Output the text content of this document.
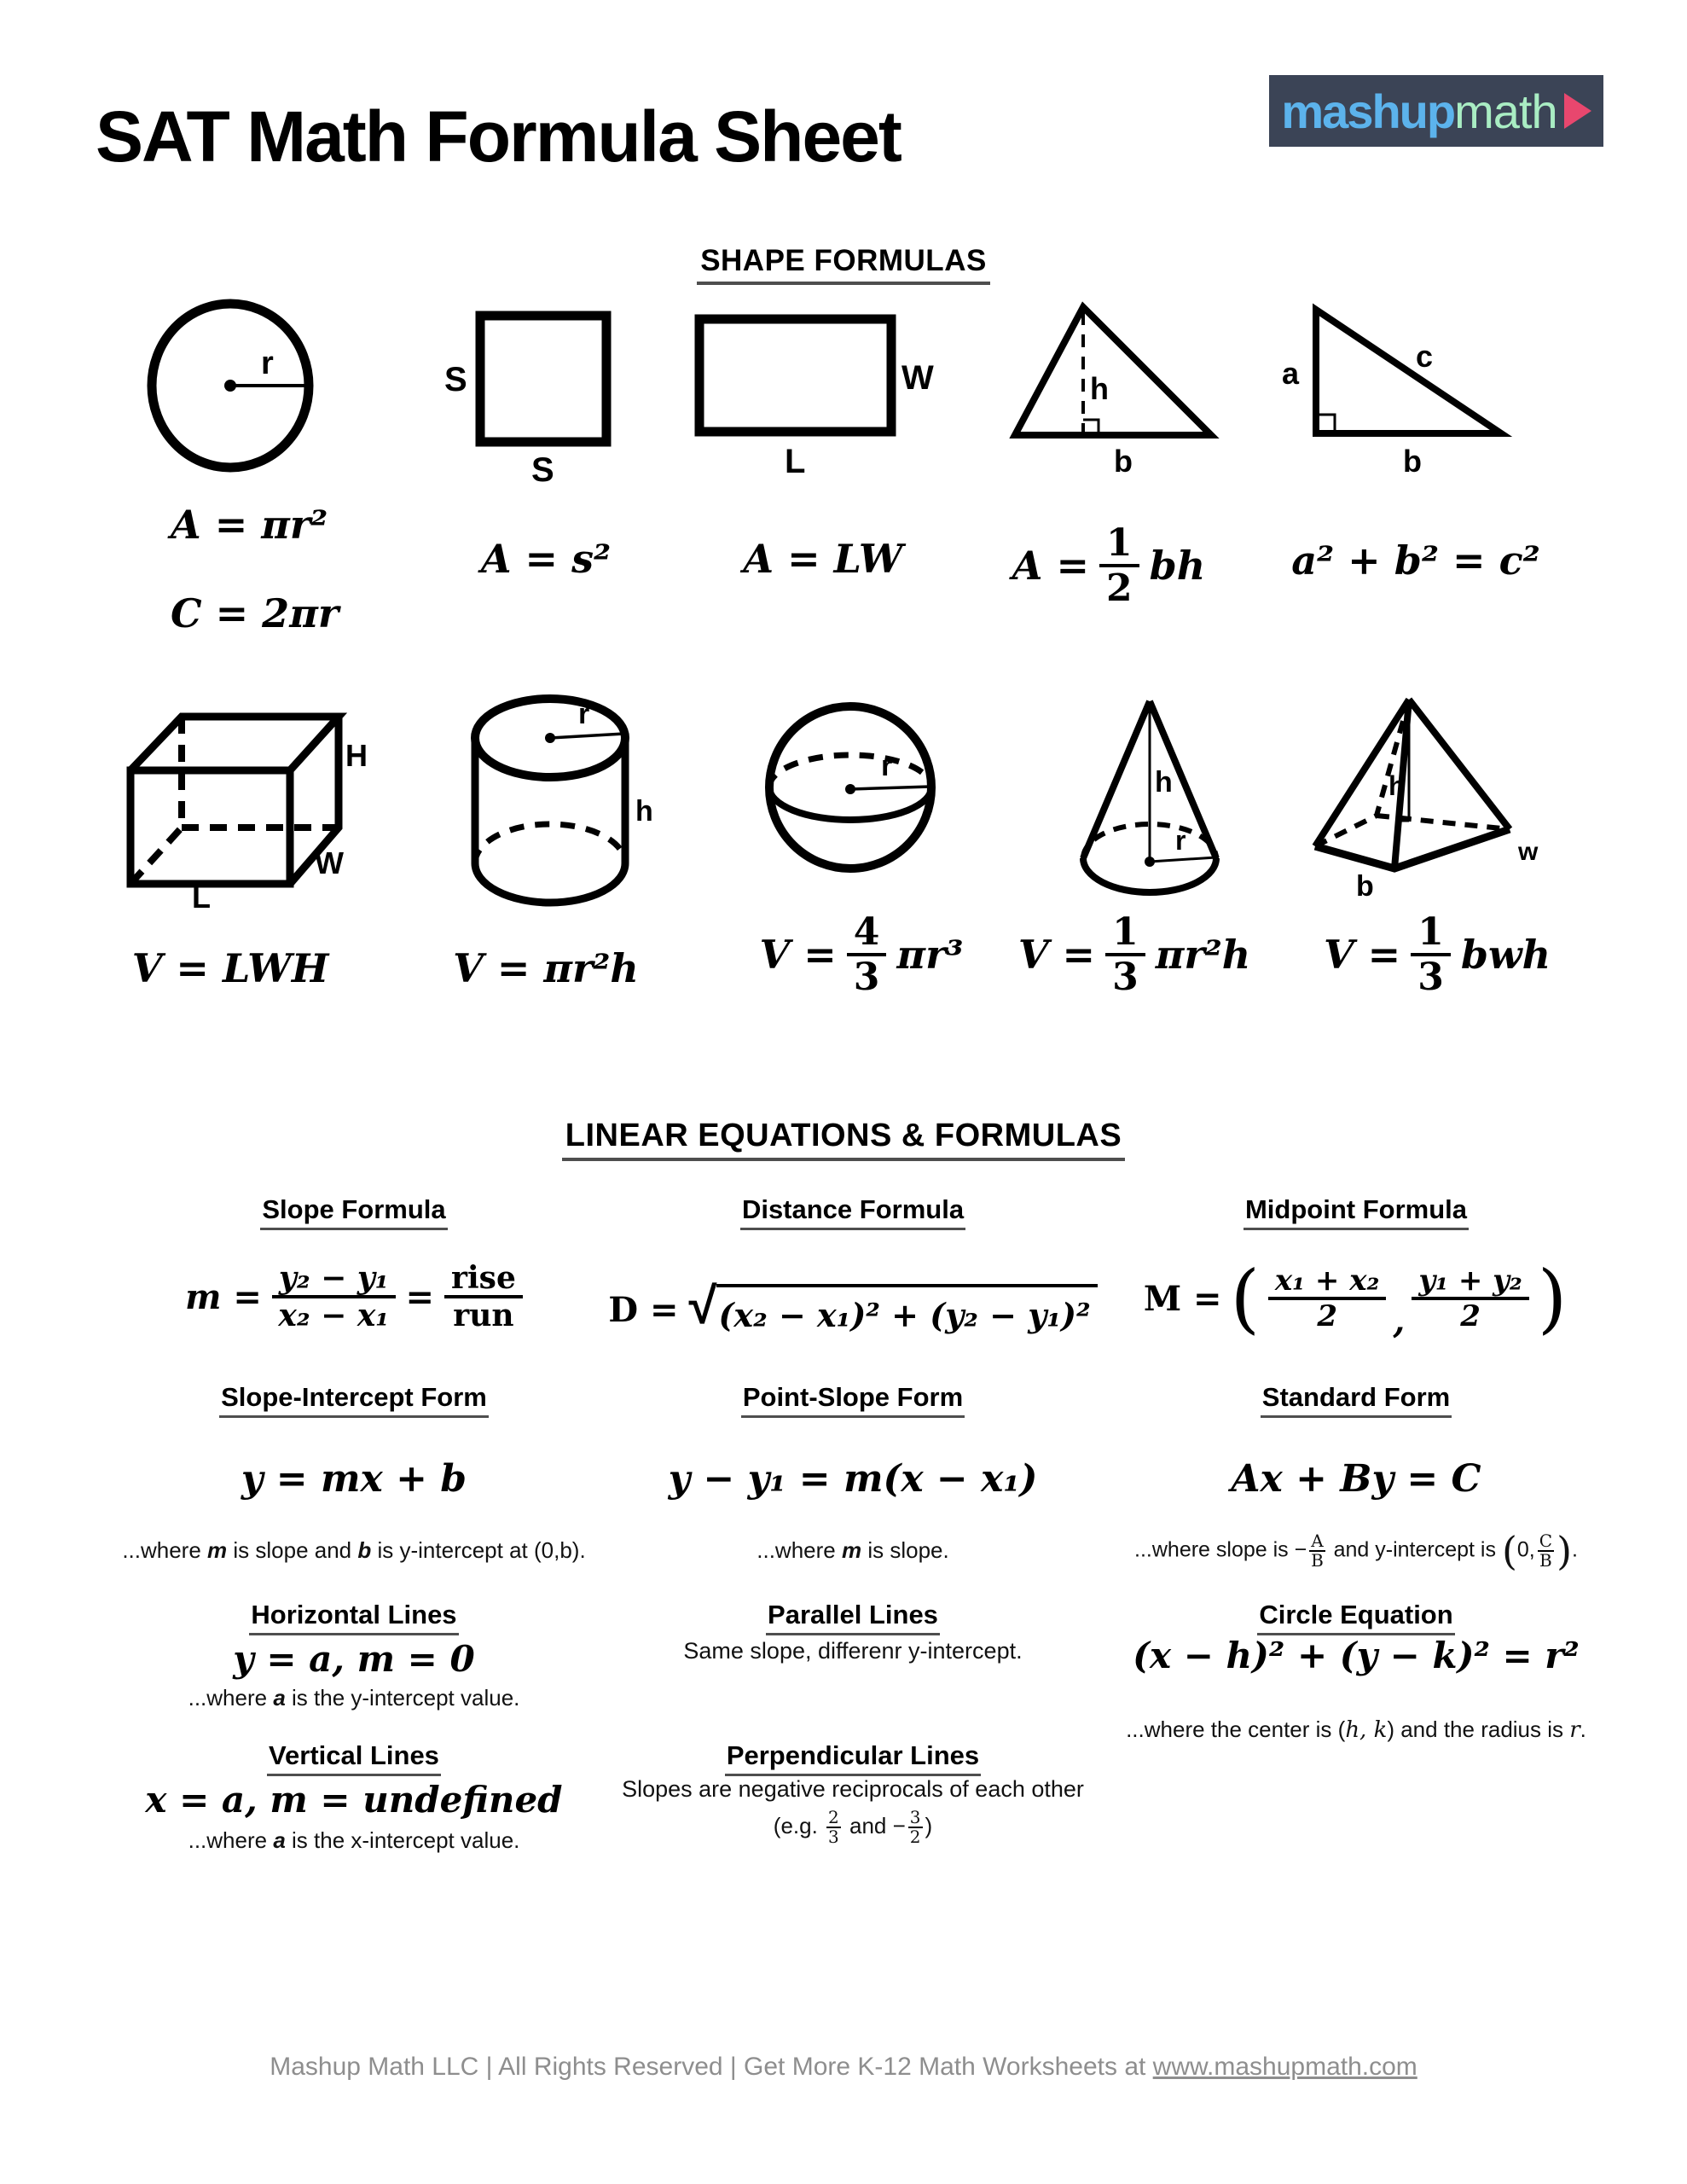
SAT Math Formula Sheet	mashup math
SHAPE FORMULAS
r	S
S
W
L
h
b
a	c
b
A = πr²
C = 2πr
A = s²	A = LW	$A = \frac{1}{2}$ bh	a² + b² = c²
H
W
L
r
h
r	h
r
h
b
w
V = LWH	V = πr²h	$V = \frac{4}{3} \pi r^3$ $V = \frac{1}{3} \pi r^2h$ $V = \frac{1}{3}$ bwh
LINEAR EQUATIONS & FORMULAS
Slope Formula	Distance Formula	Midpoint Formula
$m = \frac{\text{y₂ − y₁}}{\text{x₂ − x₁}}$ = rise
run	D = √ (x₂ − x₁)² + (y₂ − y₁)² M = ( x₁ + x₂
2 ,
y₁ + y₂
2 )
Slope-Intercept Form	Point-Slope Form	Standard Form
y = mx + b	y − y₁ = m(x − x₁)	Ax + By = C
...where m is slope and b is y-intercept at (0,b).	...where m is slope.	...where slope is − $\frac{A}{B}$ and y-intercept is (0, $\frac{C}{B}$ ).
Horizontal Lines	Parallel Lines	Circle Equation
y = a, m = 0
...where a is the y-intercept value.
Same slope, differenr y-intercept.	(x − h)² + (y − k)² = r²
...where the center is (h, k) and the radius is r.
Vertical Lines	Perpendicular Lines
x = a, m = undefined
...where a is the x-intercept value.
Slopes are negative reciprocals of each other
(e.g. $\frac{2}{3}$ and − $\frac{3}{2}$ )
Mashup Math LLC | All Rights Reserved | Get More K-12 Math Worksheets at www.mashupmath.com
